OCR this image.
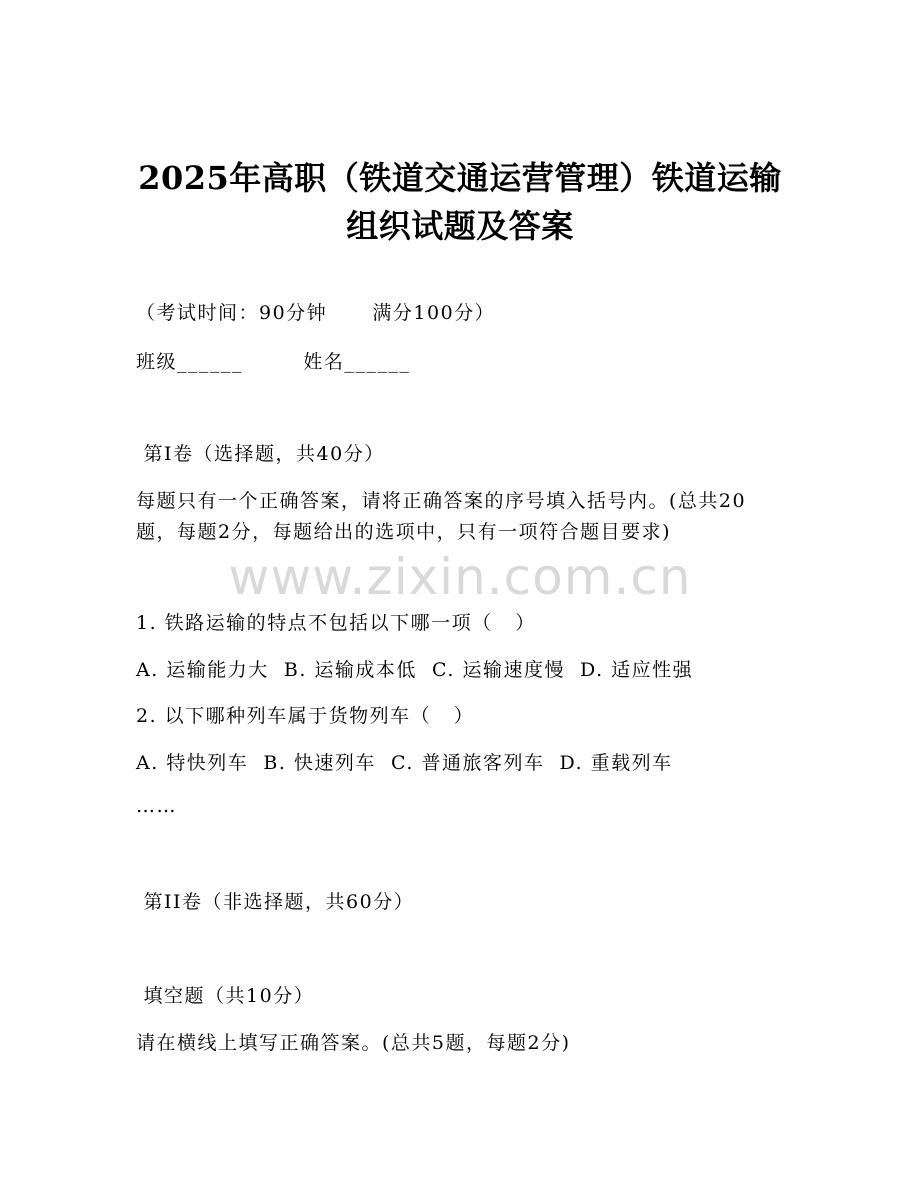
2025年高职（铁道交通运营管理）铁道运输
组织试题及答案
（考试时间：90分钟      满分100分）
班级______        姓名______
第I卷（选择题，共40分）
每题只有一个正确答案，请将正确答案的序号填入括号内。(总共20
题，每题2分，每题给出的选项中，只有一项符合题目要求)
www.zixin.com.cn
1. 铁路运输的特点不包括以下哪一项（   ）
A. 运输能力大  B. 运输成本低  C. 运输速度慢  D. 适应性强
2. 以下哪种列车属于货物列车（   ）
A. 特快列车  B. 快速列车  C. 普通旅客列车  D. 重载列车
……
第II卷（非选择题，共60分）
填空题（共10分）
请在横线上填写正确答案。(总共5题，每题2分)
